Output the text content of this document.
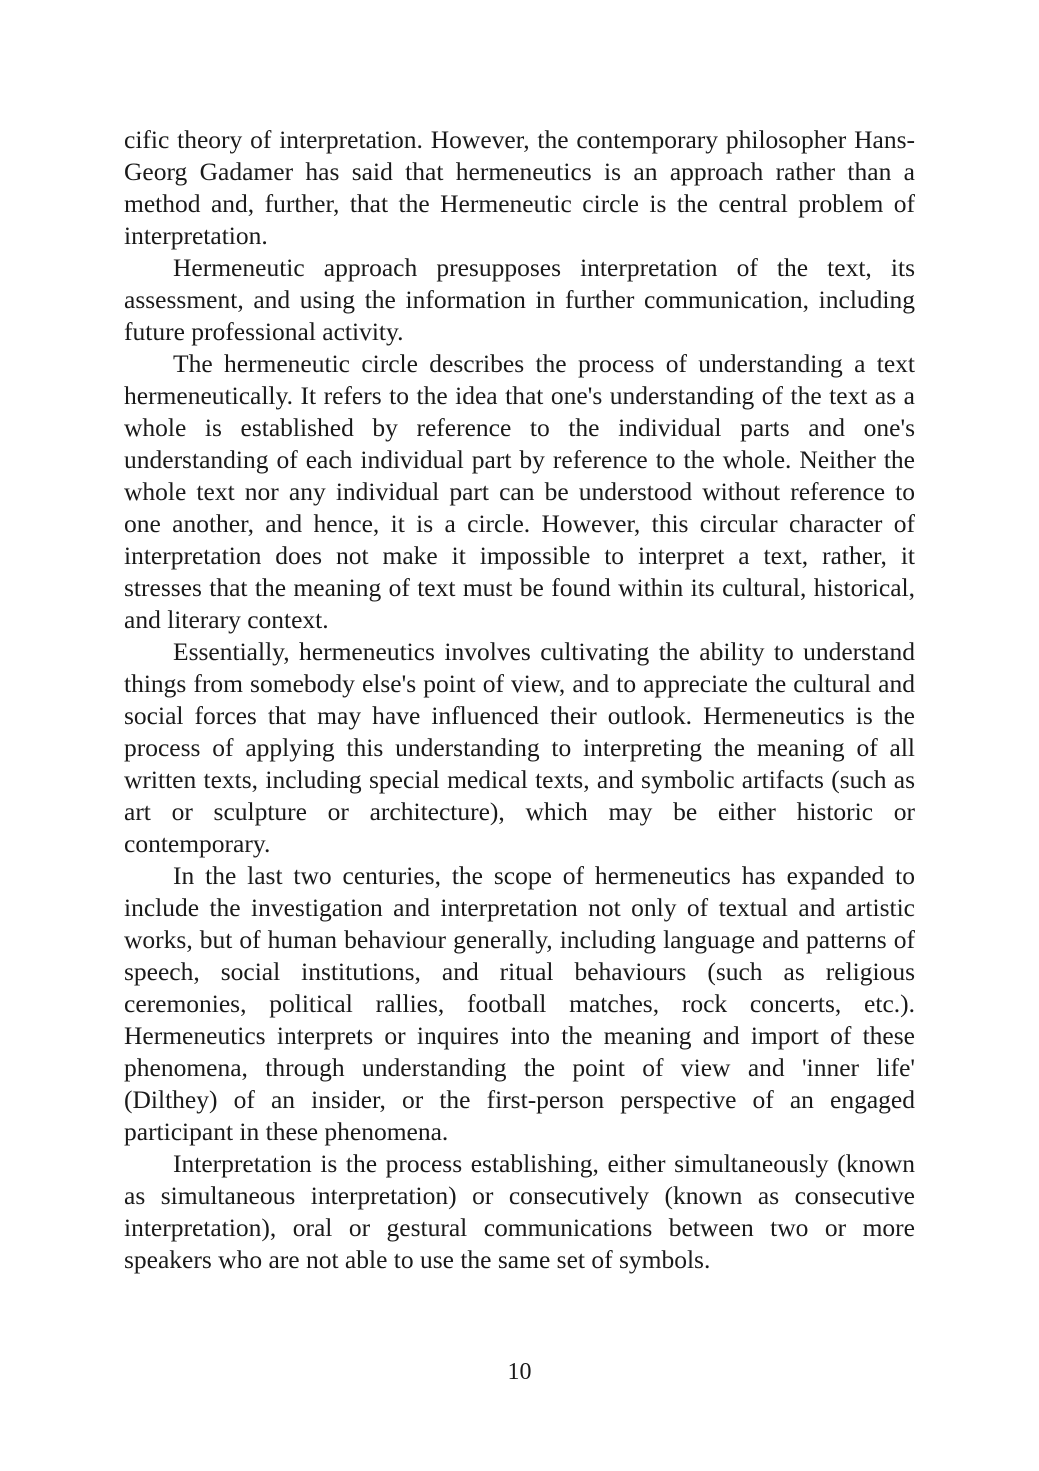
cific theory of interpretation. However, the contemporary philosopher Hans-Georg Gadamer has said that hermeneutics is an approach rather than a method and, further, that the Hermeneutic circle is the central problem of interpretation.

Hermeneutic approach presupposes interpretation of the text, its assessment, and using the information in further communication, including future professional activity.

The hermeneutic circle describes the process of understanding a text hermeneutically. It refers to the idea that one's understanding of the text as a whole is established by reference to the individual parts and one's understanding of each individual part by reference to the whole. Neither the whole text nor any individual part can be understood without reference to one another, and hence, it is a circle. However, this circular character of interpretation does not make it impossible to interpret a text, rather, it stresses that the meaning of text must be found within its cultural, historical, and literary context.

Essentially, hermeneutics involves cultivating the ability to understand things from somebody else's point of view, and to appreciate the cultural and social forces that may have influenced their outlook. Hermeneutics is the process of applying this understanding to interpreting the meaning of all written texts, including special medical texts, and symbolic artifacts (such as art or sculpture or architecture), which may be either historic or contemporary.

In the last two centuries, the scope of hermeneutics has expanded to include the investigation and interpretation not only of textual and artistic works, but of human behaviour generally, including language and patterns of speech, social institutions, and ritual behaviours (such as religious ceremonies, political rallies, football matches, rock concerts, etc.). Hermeneutics interprets or inquires into the meaning and import of these phenomena, through understanding the point of view and 'inner life' (Dilthey) of an insider, or the first-person perspective of an engaged participant in these phenomena.

Interpretation is the process establishing, either simultaneously (known as simultaneous interpretation) or consecutively (known as consecutive interpretation), oral or gestural communications between two or more speakers who are not able to use the same set of symbols.

10
